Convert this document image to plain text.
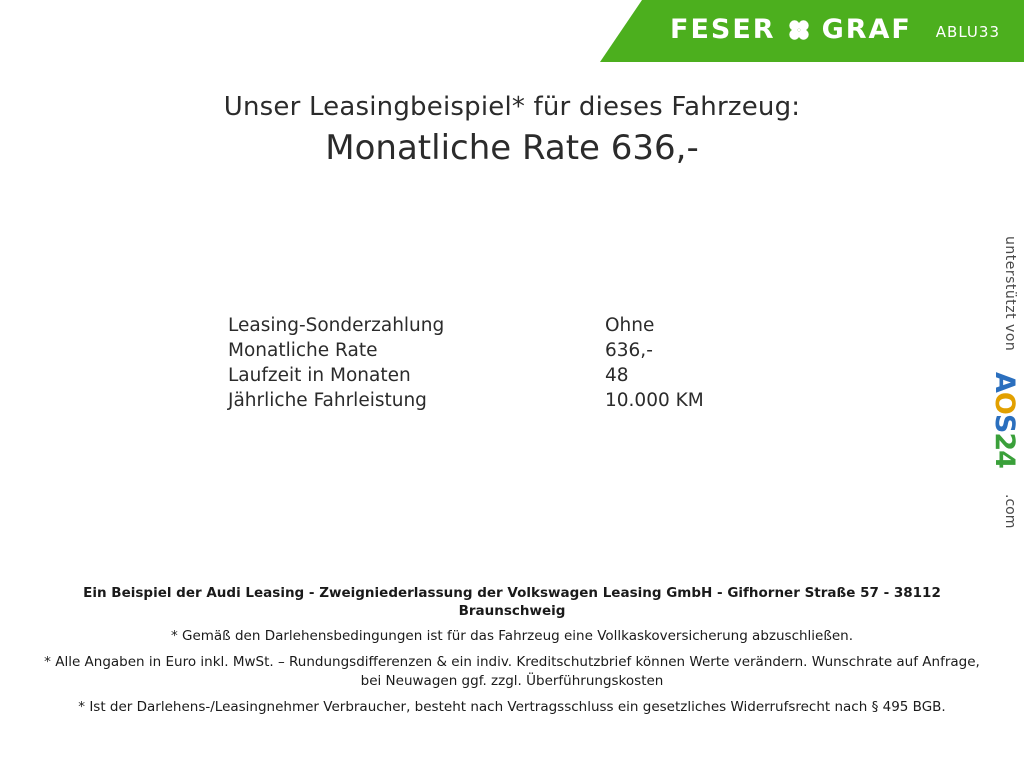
FESER GRAF ABLU33
Unser Leasingbeispiel* für dieses Fahrzeug:
Monatliche Rate 636,-
Leasing-Sonderzahlung	Ohne
Monatliche Rate	636,-
Laufzeit in Monaten	48
Jährliche Fahrleistung	10.000 KM
unterstützt von
AOS24
.com
Ein Beispiel der Audi Leasing - Zweigniederlassung der Volkswagen Leasing GmbH - Gifhorner Straße 57 - 38112 Braunschweig
* Gemäß den Darlehensbedingungen ist für das Fahrzeug eine Vollkaskoversicherung abzuschließen.
* Alle Angaben in Euro inkl. MwSt. – Rundungsdifferenzen & ein indiv. Kreditschutzbrief können Werte verändern. Wunschrate auf Anfrage, bei Neuwagen ggf. zzgl. Überführungskosten
* Ist der Darlehens-/Leasingnehmer Verbraucher, besteht nach Vertragsschluss ein gesetzliches Widerrufsrecht nach § 495 BGB.
